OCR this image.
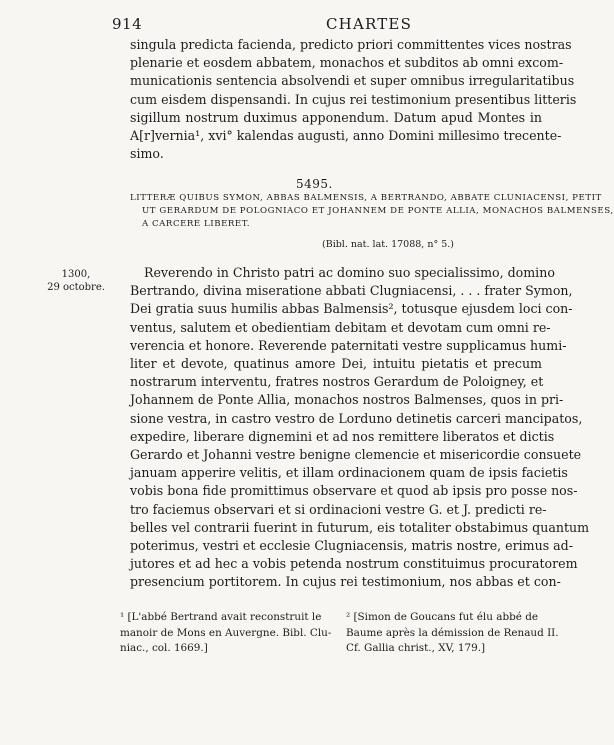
914	CHARTES
singula predicta facienda, predicto priori committentes vices nostras
plenarie et eosdem abbatem, monachos et subditos ab omni excom-
municationis sentencia absolvendi et super omnibus irregularitatibus
cum eisdem dispensandi. In cujus rei testimonium presentibus litteris
sigillum nostrum duximus apponendum. Datum apud Montes in
A[r]vernia¹, xvi° kalendas augusti, anno Domini millesimo trecente-
simo.
5495.
LITTERÆ QUIBUS SYMON, ABBAS BALMENSIS, A BERTRANDO, ABBATE CLUNIACENSI, PETIT
UT GERARDUM DE POLOGNIACO ET JOHANNEM DE PONTE ALLIA, MONACHOS BALMENSES,
A CARCERE LIBERET.
(Bibl. nat. lat. 17088, n° 5.)
1300,
29 octobre.
Reverendo in Christo patri ac domino suo specialissimo, domino
Bertrando, divina miseratione abbati Clugniacensi, . . . frater Symon,
Dei gratia suus humilis abbas Balmensis², totusque ejusdem loci con-
ventus, salutem et obedientiam debitam et devotam cum omni re-
verencia et honore. Reverende paternitati vestre supplicamus humi-
liter et devote, quatinus amore Dei, intuitu pietatis et precum
nostrarum interventu, fratres nostros Gerardum de Poloigney, et
Johannem de Ponte Allia, monachos nostros Balmenses, quos in pri-
sione vestra, in castro vestro de Lorduno detinetis carceri mancipatos,
expedire, liberare dignemini et ad nos remittere liberatos et dictis
Gerardo et Johanni vestre benigne clemencie et misericordie consuete
januam apperire velitis, et illam ordinacionem quam de ipsis facietis
vobis bona fide promittimus observare et quod ab ipsis pro posse nos-
tro faciemus observari et si ordinacioni vestre G. et J. predicti re-
belles vel contrarii fuerint in futurum, eis totaliter obstabimus quantum
poterimus, vestri et ecclesie Clugniacensis, matris nostre, erimus ad-
jutores et ad hec a vobis petenda nostrum constituimus procuratorem
presencium portitorem. In cujus rei testimonium, nos abbas et con-
¹ [L'abbé Bertrand avait reconstruit le
manoir de Mons en Auvergne. Bibl. Clu-
niac., col. 1669.]
² [Simon de Goucans fut élu abbé de
Baume après la démission de Renaud II.
Cf. Gallia christ., XV, 179.]
